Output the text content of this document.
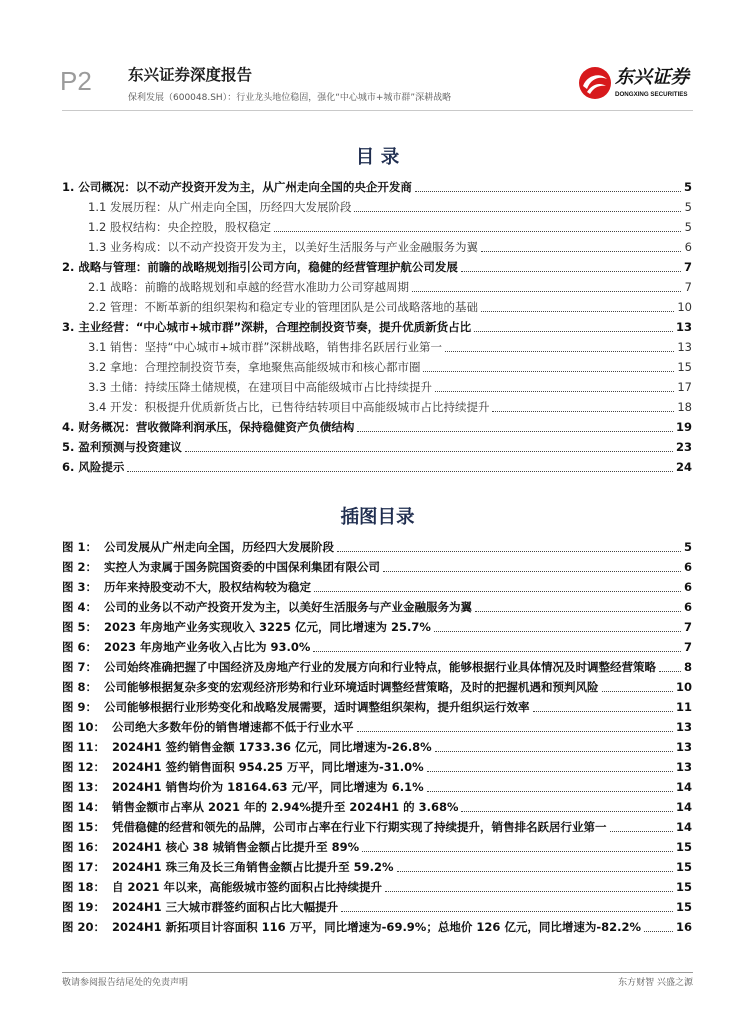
P2 东兴证券深度报告
保利发展（600048.SH）：行业龙头地位稳固，强化“中心城市+城市群”深耕战略
东兴证券
DONGXING SECURITIES
目 录
1. 公司概况：以不动产投资开发为主，从广州走向全国的央企开发商	5
1.1 发展历程：从广州走向全国，历经四大发展阶段	5
1.2 股权结构：央企控股，股权稳定	5
1.3 业务构成：以不动产投资开发为主，以美好生活服务与产业金融服务为翼	6
2. 战略与管理：前瞻的战略规划指引公司方向，稳健的经营管理护航公司发展	7
2.1 战略：前瞻的战略规划和卓越的经营水准助力公司穿越周期	7
2.2 管理：不断革新的组织架构和稳定专业的管理团队是公司战略落地的基础	10
3. 主业经营：“中心城市+城市群”深耕，合理控制投资节奏，提升优质新货占比	13
3.1 销售：坚持“中心城市+城市群”深耕战略，销售排名跃居行业第一	13
3.2 拿地：合理控制投资节奏，拿地聚焦高能级城市和核心都市圈	15
3.3 土储：持续压降土储规模，在建项目中高能级城市占比持续提升	17
3.4 开发：积极提升优质新货占比，已售待结转项目中高能级城市占比持续提升	18
4. 财务概况：营收微降利润承压，保持稳健资产负债结构	19
5. 盈利预测与投资建议	23
6. 风险提示	24
插图目录
图 1： 公司发展从广州走向全国，历经四大发展阶段	5
图 2： 实控人为隶属于国务院国资委的中国保利集团有限公司	6
图 3： 历年来持股变动不大，股权结构较为稳定	6
图 4： 公司的业务以不动产投资开发为主，以美好生活服务与产业金融服务为翼	6
图 5： 2023 年房地产业务实现收入 3225 亿元，同比增速为 25.7%	7
图 6： 2023 年房地产业务收入占比为 93.0%	7
图 7： 公司始终准确把握了中国经济及房地产行业的发展方向和行业特点，能够根据行业具体情况及时调整经营策略 8
图 8： 公司能够根据复杂多变的宏观经济形势和行业环境适时调整经营策略，及时的把握机遇和预判风险	10
图 9： 公司能够根据行业形势变化和战略发展需要，适时调整组织架构，提升组织运行效率	11
图 10： 公司绝大多数年份的销售增速都不低于行业水平	13
图 11： 2024H1 签约销售金额 1733.36 亿元，同比增速为-26.8%	13
图 12： 2024H1 签约销售面积 954.25 万平，同比增速为-31.0%	13
图 13： 2024H1 销售均价为 18164.63 元/平，同比增速为 6.1%	14
图 14： 销售金额市占率从 2021 年的 2.94%提升至 2024H1 的 3.68%	14
图 15： 凭借稳健的经营和领先的品牌，公司市占率在行业下行期实现了持续提升，销售排名跃居行业第一	14
图 16： 2024H1 核心 38 城销售金额占比提升至 89%	15
图 17： 2024H1 珠三角及长三角销售金额占比提升至 59.2%	15
图 18： 自 2021 年以来，高能级城市签约面积占比持续提升	15
图 19： 2024H1 三大城市群签约面积占比大幅提升	15
图 20： 2024H1 新拓项目计容面积 116 万平，同比增速为-69.9%；总地价 126 亿元，同比增速为-82.2%	16
敬请参阅报告结尾处的免责声明	东方财智 兴盛之源
